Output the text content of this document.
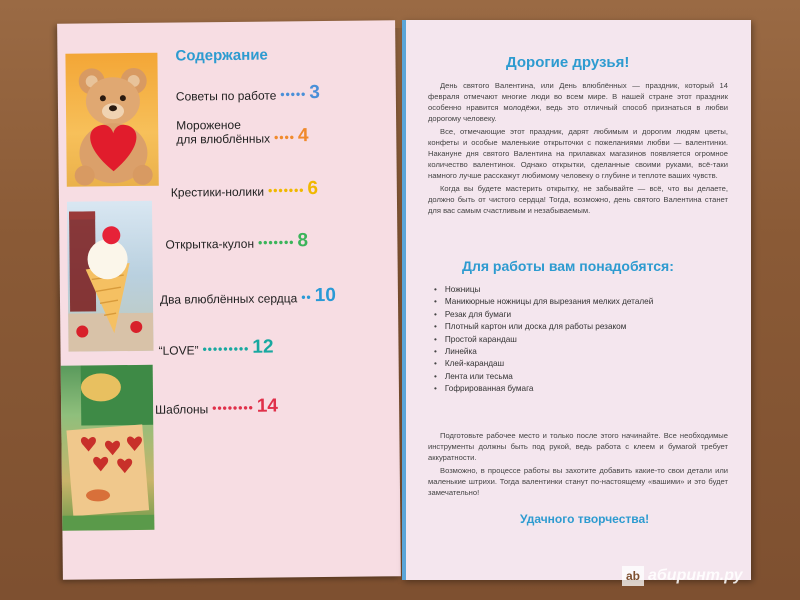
Содержание
Советы по работе ••••• 3
Мороженое
для влюблённых •••• 4
Крестики-нолики ••••••• 6
Открытка-кулон ••••••• 8
Два влюблённых сердца •• 10
“LOVE” ••••••••• 12
Шаблоны •••••••• 14
Дорогие друзья!

День святого Валентина, или День влюблённых — праздник, который 14 февраля отмечают многие люди во всем мире. В нашей стране этот праздник особенно нравится молодёжи, ведь это отличный способ признаться в любви дорогому человеку.

Все, отмечающие этот праздник, дарят любимым и дорогим людям цветы, конфеты и особые маленькие открыточки с пожеланиями любви — валентинки. Накануне дня святого Валентина на прилавках магазинов появляется огромное количество валентинок. Однако открытки, сделанные своими руками, всё-таки намного лучше расскажут любимому человеку о глубине и теплоте ваших чувств.

Когда вы будете мастерить открытку, не забывайте — всё, что вы делаете, должно быть от чистого сердца! Тогда, возможно, день святого Валентина станет для вас самым счастливым и незабываемым.

Для работы вам понадобятся:
• Ножницы
• Маникюрные ножницы для вырезания мелких деталей
• Резак для бумаги
• Плотный картон или доска для работы резаком
• Простой карандаш
• Линейка
• Клей-карандаш
• Лента или тесьма
• Гофрированная бумага

Подготовьте рабочее место и только после этого начинайте. Все необходимые инструменты должны быть под рукой, ведь работа с клеем и бумагой требует аккуратности.

Возможно, в процессе работы вы захотите добавить какие-то свои детали или маленькие штрихи. Тогда валентинки станут по-настоящему «вашими» и это будет замечательно!

Удачного творчества!
ab абиринт.ру
